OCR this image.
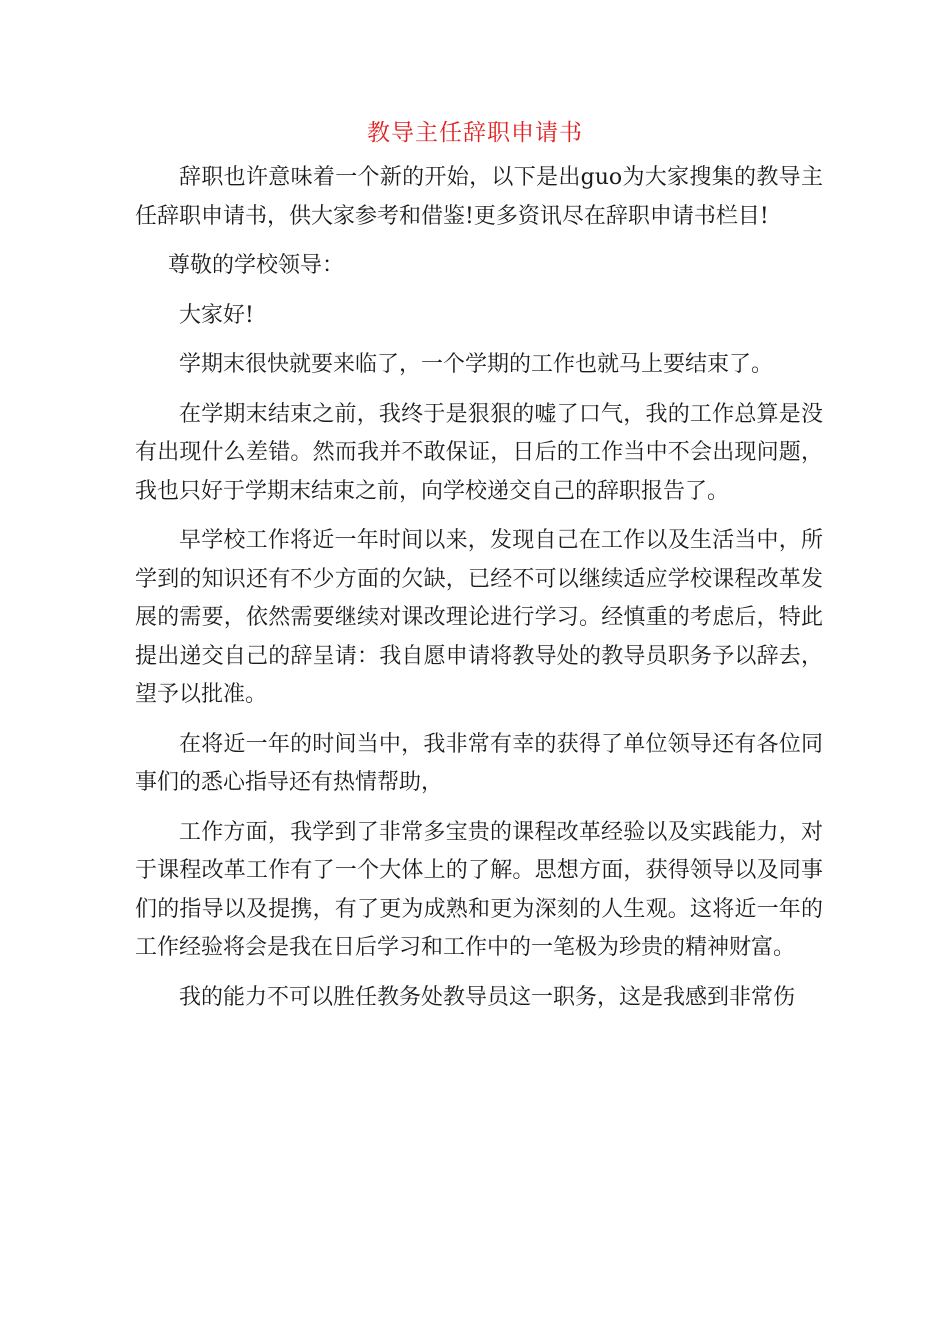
教导主任辞职申请书

辞职也许意味着一个新的开始，以下是出guo为大家搜集的教导主任辞职申请书，供大家参考和借鉴!更多资讯尽在辞职申请书栏目!

尊敬的学校领导：

大家好!

学期末很快就要来临了，一个学期的工作也就马上要结束了。

在学期末结束之前，我终于是狠狠的嘘了口气，我的工作总算是没有出现什么差错。然而我并不敢保证，日后的工作当中不会出现问题，我也只好于学期末结束之前，向学校递交自己的辞职报告了。

早学校工作将近一年时间以来，发现自己在工作以及生活当中，所学到的知识还有不少方面的欠缺，已经不可以继续适应学校课程改革发展的需要，依然需要继续对课改理论进行学习。经慎重的考虑后，特此提出递交自己的辞呈请：我自愿申请将教导处的教导员职务予以辞去，望予以批准。

在将近一年的时间当中，我非常有幸的获得了单位领导还有各位同事们的悉心指导还有热情帮助，

工作方面，我学到了非常多宝贵的课程改革经验以及实践能力，对于课程改革工作有了一个大体上的了解。思想方面，获得领导以及同事们的指导以及提携，有了更为成熟和更为深刻的人生观。这将近一年的工作经验将会是我在日后学习和工作中的一笔极为珍贵的精神财富。

我的能力不可以胜任教务处教导员这一职务，这是我感到非常伤
